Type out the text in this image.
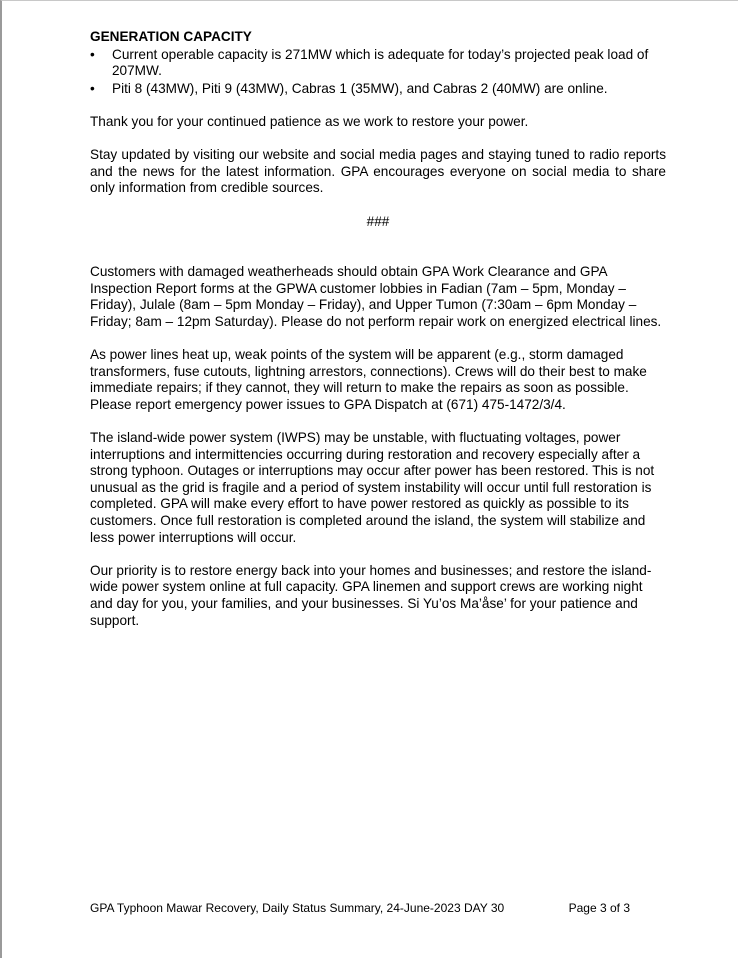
GENERATION CAPACITY

• Current operable capacity is 271MW which is adequate for today’s projected peak load of 207MW.
• Piti 8 (43MW), Piti 9 (43MW), Cabras 1 (35MW), and Cabras 2 (40MW) are online.

Thank you for your continued patience as we work to restore your power.

Stay updated by visiting our website and social media pages and staying tuned to radio reports and the news for the latest information. GPA encourages everyone on social media to share only information from credible sources.

###

Customers with damaged weatherheads should obtain GPA Work Clearance and GPA Inspection Report forms at the GPWA customer lobbies in Fadian (7am – 5pm, Monday – Friday), Julale (8am – 5pm Monday – Friday), and Upper Tumon (7:30am – 6pm Monday – Friday; 8am – 12pm Saturday). Please do not perform repair work on energized electrical lines.

As power lines heat up, weak points of the system will be apparent (e.g., storm damaged transformers, fuse cutouts, lightning arrestors, connections). Crews will do their best to make immediate repairs; if they cannot, they will return to make the repairs as soon as possible. Please report emergency power issues to GPA Dispatch at (671) 475-1472/3/4.

The island-wide power system (IWPS) may be unstable, with fluctuating voltages, power interruptions and intermittencies occurring during restoration and recovery especially after a strong typhoon. Outages or interruptions may occur after power has been restored. This is not unusual as the grid is fragile and a period of system instability will occur until full restoration is completed. GPA will make every effort to have power restored as quickly as possible to its customers. Once full restoration is completed around the island, the system will stabilize and less power interruptions will occur.

Our priority is to restore energy back into your homes and businesses; and restore the island-wide power system online at full capacity. GPA linemen and support crews are working night and day for you, your families, and your businesses. Si Yu’os Ma’åse’ for your patience and support.

GPA Typhoon Mawar Recovery, Daily Status Summary, 24-June-2023 DAY 30	Page 3 of 3
